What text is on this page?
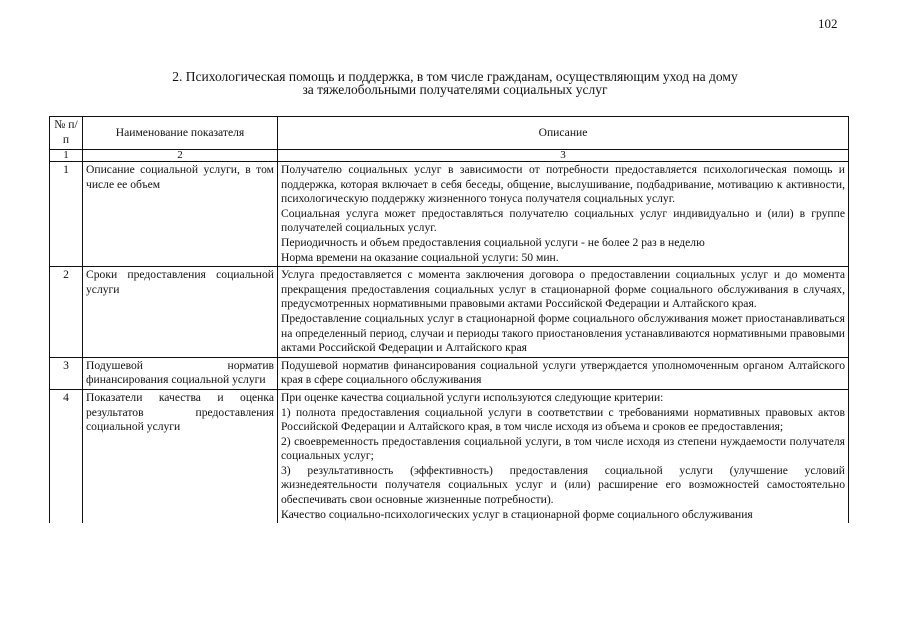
102
2. Психологическая помощь и поддержка, в том числе гражданам, осуществляющим уход на дому
за тяжелобольными получателями социальных услуг
№ п/п	Наименование показателя	Описание
1	2	3
1	Описание социальной услуги, в том числе ее объем	Получателю социальных услуг в зависимости от потребности предоставляется психологическая помощь и поддержка, которая включает в себя беседы, общение, выслушивание, подбадривание, мотивацию к активности, психологическую поддержку жизненного тонуса получателя социальных услуг.
Социальная услуга может предоставляться получателю социальных услуг индивидуально и (или) в группе получателей социальных услуг.
Периодичность и объем предоставления социальной услуги - не более 2 раз в неделю
Норма времени на оказание социальной услуги: 50 мин.

2	Сроки предоставления социальной услуги	Услуга предоставляется с момента заключения договора о предоставлении социальных услуг и до момента прекращения предоставления социальных услуг в стационарной форме социального обслуживания в случаях, предусмотренных нормативными правовыми актами Российской Федерации и Алтайского края.
Предоставление социальных услуг в стационарной форме социального обслуживания может приостанавливаться на определенный период, случаи и периоды такого приостановления устанавливаются нормативными правовыми актами Российской Федерации и Алтайского края

3	Подушевой норматив финансирования социальной услуги	Подушевой норматив финансирования социальной услуги утверждается уполномоченным органом Алтайского края в сфере социального обслуживания

4	Показатели качества и оценка результатов предоставления социальной услуги	При оценке качества социальной услуги используются следующие критерии:
1) полнота предоставления социальной услуги в соответствии с требованиями нормативных правовых актов Российской Федерации и Алтайского края, в том числе исходя из объема и сроков ее предоставления;
2) своевременность предоставления социальной услуги, в том числе исходя из степени нуждаемости получателя социальных услуг;
3) результативность (эффективность) предоставления социальной услуги (улучшение условий жизнедеятельности получателя социальных услуг и (или) расширение его возможностей самостоятельно обеспечивать свои основные жизненные потребности).
Качество социально-психологических услуг в стационарной форме социального обслуживания
